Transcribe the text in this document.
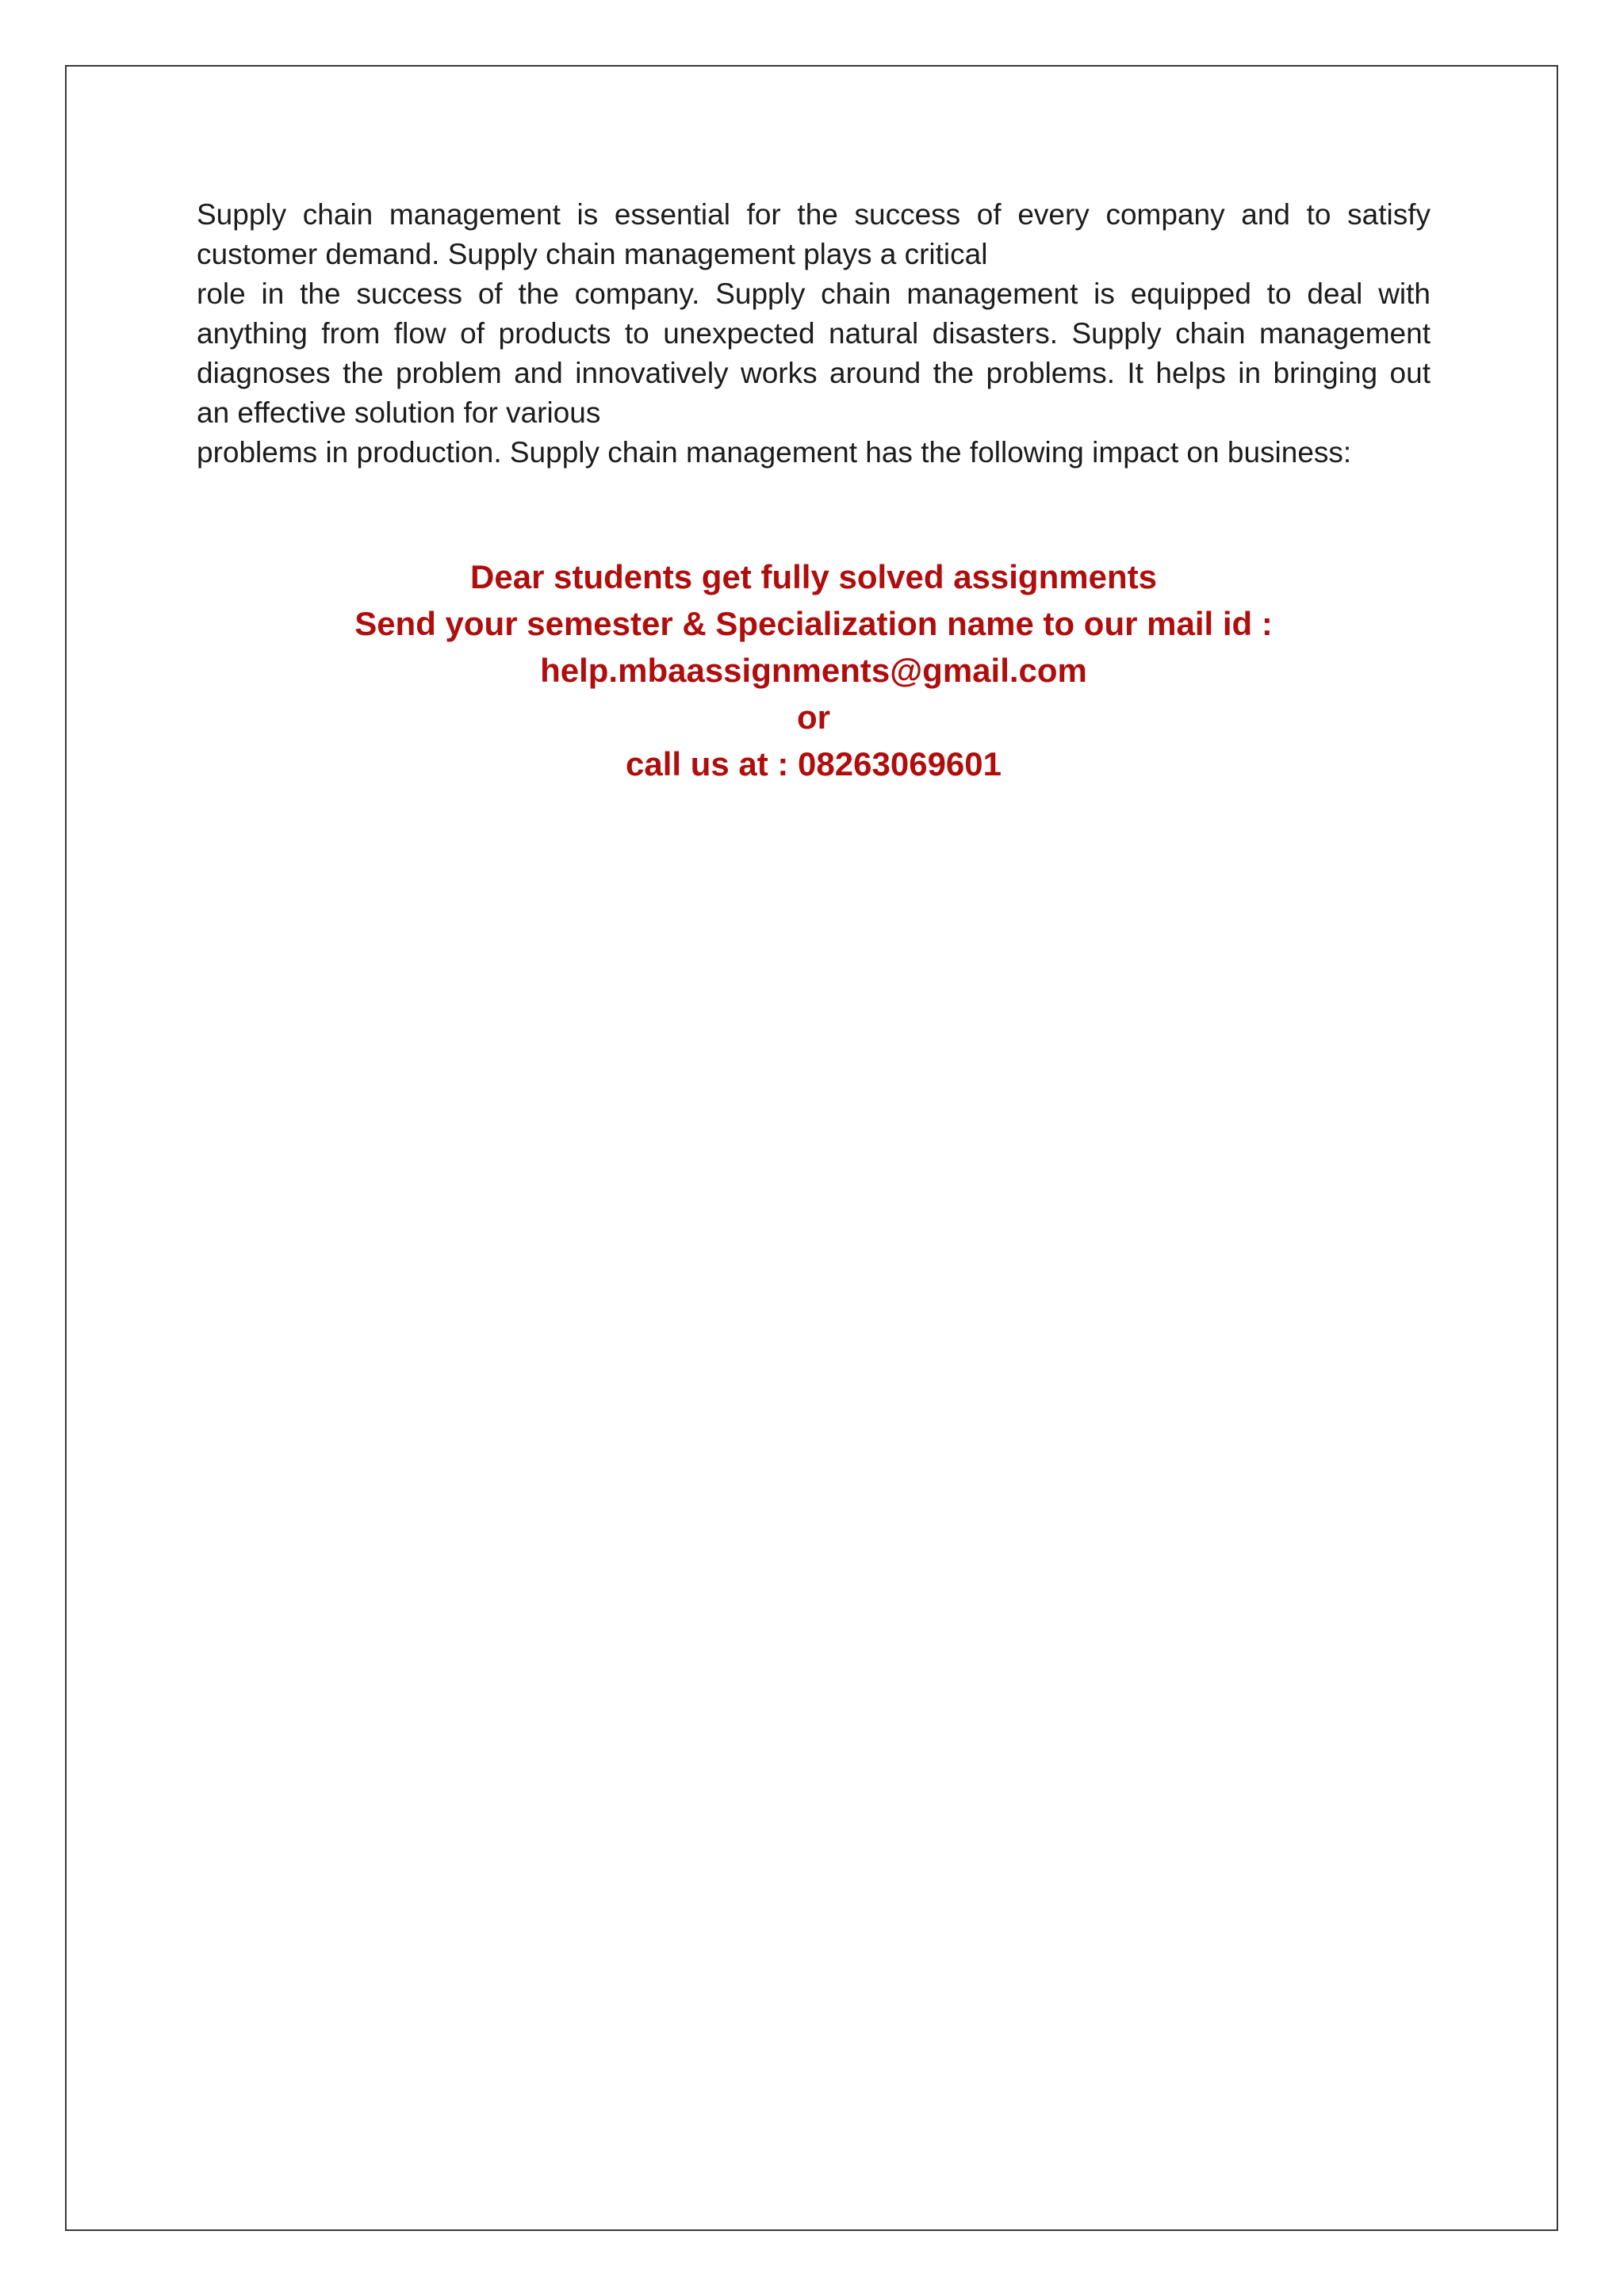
Supply chain management is essential for the success of every company and to satisfy
customer demand. Supply chain management plays a critical
role in the success of the company. Supply chain management is equipped to deal with
anything from flow of products to unexpected natural disasters. Supply chain management
diagnoses the problem and innovatively works around the problems. It helps in bringing out
an effective solution for various
problems in production. Supply chain management has the following impact on business:
Dear students get fully solved assignments
Send your semester & Specialization name to our mail id :
help.mbaassignments@gmail.com
or
call us at : 08263069601
